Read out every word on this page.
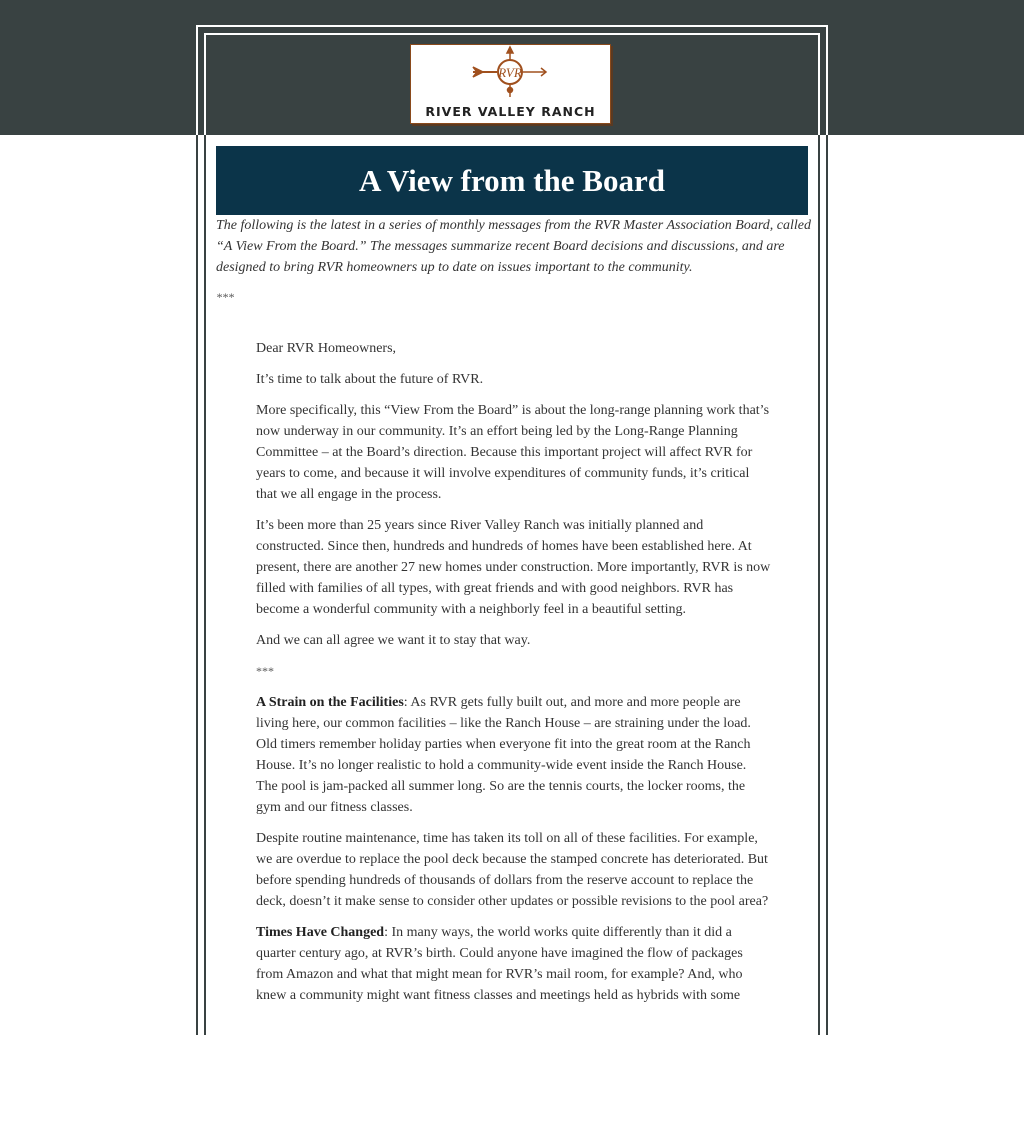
RVR
RIVER VALLEY RANCH
A View from the Board

The following is the latest in a series of monthly messages from the RVR Master Association Board, called “A View From the Board.” The messages summarize recent Board decisions and discussions, and are designed to bring RVR homeowners up to date on issues important to the community.

***

Dear RVR Homeowners,

It’s time to talk about the future of RVR.

More specifically, this “View From the Board” is about the long-range planning work that’s now underway in our community. It’s an effort being led by the Long-Range Planning Committee – at the Board’s direction. Because this important project will affect RVR for years to come, and because it will involve expenditures of community funds, it’s critical that we all engage in the process.

It’s been more than 25 years since River Valley Ranch was initially planned and constructed. Since then, hundreds and hundreds of homes have been established here. At present, there are another 27 new homes under construction. More importantly, RVR is now filled with families of all types, with great friends and with good neighbors. RVR has become a wonderful community with a neighborly feel in a beautiful setting.

And we can all agree we want it to stay that way.

***

A Strain on the Facilities: As RVR gets fully built out, and more and more people are living here, our common facilities – like the Ranch House – are straining under the load. Old timers remember holiday parties when everyone fit into the great room at the Ranch House. It’s no longer realistic to hold a community-wide event inside the Ranch House. The pool is jam-packed all summer long. So are the tennis courts, the locker rooms, the gym and our fitness classes.

Despite routine maintenance, time has taken its toll on all of these facilities. For example, we are overdue to replace the pool deck because the stamped concrete has deteriorated. But before spending hundreds of thousands of dollars from the reserve account to replace the deck, doesn’t it make sense to consider other updates or possible revisions to the pool area?

Times Have Changed: In many ways, the world works quite differently than it did a quarter century ago, at RVR’s birth. Could anyone have imagined the flow of packages from Amazon and what that might mean for RVR’s mail room, for example? And, who knew a community might want fitness classes and meetings held as hybrids with some
